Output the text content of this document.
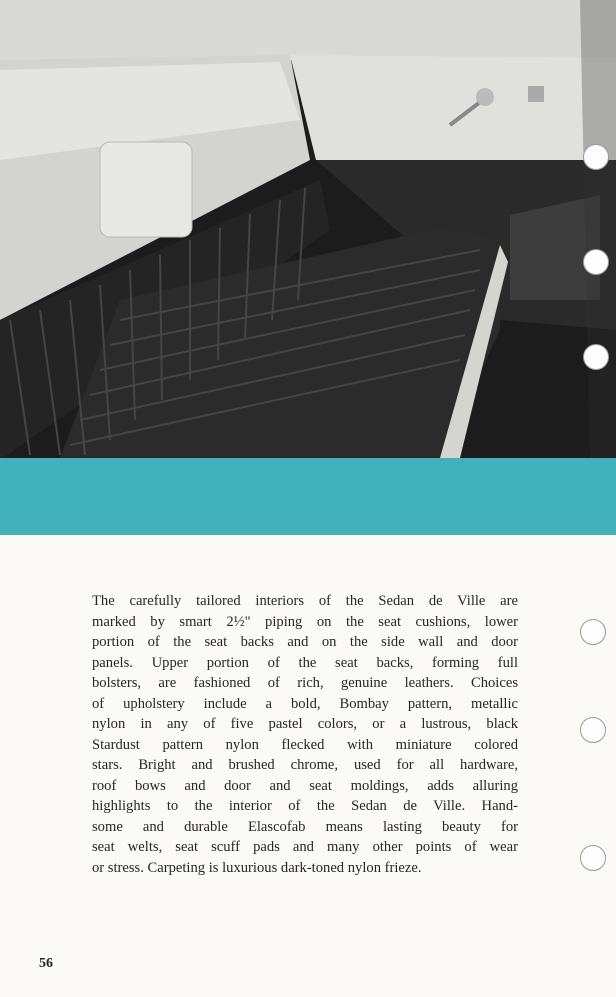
The carefully tailored interiors of the Sedan de Ville are
marked by smart 2½" piping on the seat cushions, lower
portion of the seat backs and on the side wall and door
panels. Upper portion of the seat backs, forming full
bolsters, are fashioned of rich, genuine leathers. Choices
of upholstery include a bold, Bombay pattern, metallic
nylon in any of five pastel colors, or a lustrous, black
Stardust pattern nylon flecked with miniature colored
stars. Bright and brushed chrome, used for all hardware,
roof bows and door and seat moldings, adds alluring
highlights to the interior of the Sedan de Ville. Hand-
some and durable Elascofab means lasting beauty for
seat welts, seat scuff pads and many other points of wear
or stress. Carpeting is luxurious dark-toned nylon frieze.
56
